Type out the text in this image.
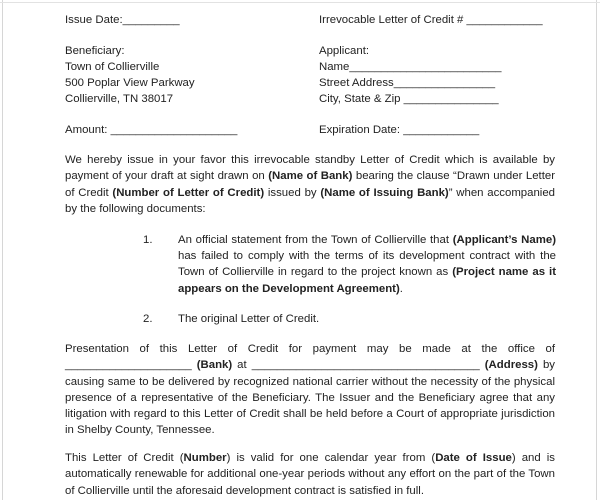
Issue Date:_________	Irrevocable Letter of Credit # ____________
Beneficiary:
Town of Collierville
500 Poplar View Parkway
Collierville, TN 38017
Applicant:
Name________________________
Street Address________________
City, State & Zip _______________
Amount: ____________________	Expiration Date: ____________
We hereby issue in your favor this irrevocable standby Letter of Credit which is available by payment of your draft at sight drawn on (Name of Bank) bearing the clause “Drawn under Letter of Credit (Number of Letter of Credit) issued by (Name of Issuing Bank)” when accompanied by the following documents:
1. An official statement from the Town of Collierville that (Applicant’s Name) has failed to comply with the terms of its development contract with the Town of Collierville in regard to the project known as (Project name as it appears on the Development Agreement).
2. The original Letter of Credit.
Presentation of this Letter of Credit for payment may be made at the office of ____________________ (Bank) at ____________________________________ (Address) by causing same to be delivered by recognized national carrier without the necessity of the physical presence of a representative of the Beneficiary. The Issuer and the Beneficiary agree that any litigation with regard to this Letter of Credit shall be held before a Court of appropriate jurisdiction in Shelby County, Tennessee.
This Letter of Credit (Number) is valid for one calendar year from (Date of Issue) and is automatically renewable for additional one-year periods without any effort on the part of the Town of Collierville until the aforesaid development contract is satisfied in full.
